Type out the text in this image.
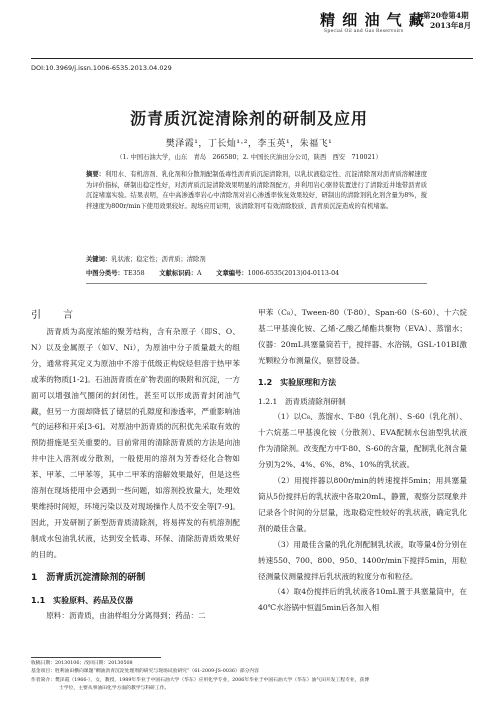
精 细 油 气 藏
Special Oil and Gas Reservoirs
第20卷第4期
2013年8月
DOI:10.3969/j.issn.1006-6535.2013.04.029
沥青质沉淀清除剂的研制及应用
樊泽霞¹，丁长灿¹·²，李玉英¹，朱福飞¹
（1. 中国石油大学，山东　青岛　266580；2. 中国长庆油田分公司，陕西　西安　710021）
摘要：利用水、有机溶剂、乳化剂和分散剂配制低毒性沥青质沉淀清除剂，以乳状液稳定性、沉淀清除剂对沥青质溶解速度为评价指标，研制出稳定性好，对沥青质沉淀清除效果明显的清除剂配方，并利用岩心驱替装置进行了清除近井地带沥青质沉淀堵塞实验。结果表明，在中高渗透率岩心中清除剂对岩心渗透率恢复效果较好，研制出的清除剂乳化剂含量为8%，搅拌速度为800r/min下使用效果较好。现场应用证明，该清除剂可有效清除胶质、沥青质沉淀造成的有机堵塞。
关键词：乳状液；稳定性；沥青质；清除剂
中图分类号：TE358    文献标识码：A    文章编号：1006-6535(2013)04-0113-04
引　言

沥青质为高度浓缩的聚芳结构，含有杂原子（即S、O、N）以及金属原子（如V、Ni），为原油中分子质量最大的组分，通常将其定义为原油中不溶于低级正构烷烃但溶于热甲苯或苯的物质[1-2]。石油沥青质在矿物表面的吸附和沉淀，一方面可以增强油气圈闭的封闭性，甚至可以形成沥青封闭油气藏，但另一方面却降低了储层的孔隙度和渗透率，严重影响油气的运移和开采[3-6]。对原油中沥青质的沉积优先采取有效的预防措施是至关重要的。目前常用的清除沥青质的方法是向油井中注入溶剂或分散剂，一般使用的溶剂为芳香烃化合物如苯、甲苯、二甲苯等，其中二甲苯的溶解效果最好，但是这些溶剂在现场使用中会遇到一些问题，如溶剂投放量大，处理效果维持时间短，环境污染以及对现场操作人员不安全等[7-9]。因此，开发研制了新型沥青质清除剂，将易挥发的有机溶剂配制成水包油乳状液，达到安全低毒、环保、清除沥青质效果好的目的。

1　沥青质沉淀清除剂的研制

1.1　实验原料、药品及仪器

原料：沥青质，由油样组分分离得到；药品：二

甲苯（C₈）、Tween-80（T-80）、Span-60（S-60）、十六烷基二甲基溴化铵、乙烯-乙酸乙烯酯共聚物（EVA）、蒸馏水；仪器：20mL具塞量筒若干，搅拌器、水浴锅，GSL-101BI激光颗粒分布测量仪，驱替设备。

1.2　实验原理和方法

1.2.1　沥青质清除剂研制

（1）以C₈、蒸馏水、T-80（乳化剂）、S-60（乳化剂）、十六烷基二甲基溴化铵（分散剂）、EVA配制水包油型乳状液作为清除剂。改变配方中T-80、S-60的含量，配制乳化剂含量分别为2%、4%、6%、8%、10%的乳状液。

（2）用搅拌器以800r/min的转速搅拌5min；用具塞量筒从5份搅拌后的乳状液中各取20mL，静置，观察分层现象并记录各个时间的分层量，选取稳定性较好的乳状液，确定乳化剂的最佳含量。

（3）用最佳含量的乳化剂配制乳状液，取等量4份分别在转速550、700、800、950、1400r/min下搅拌5min，用粒径测量仪测量搅拌后乳状液的粒度分布和粒径。

（4）取4份搅拌后的乳状液各10mL置于具塞量筒中，在40℃水浴锅中恒温5min后各加入相

收稿日期：20130106；改回日期：20130508
基金项目：胜利油田横向课题“稠油沥青沉淀处理剂的研究与现场试验研究”（61-2009-JS-0036）部分内容
作者简介：樊泽霞（1966-），女，教授，1989年毕业于中国石油大学（华东）应用化学专业，2006年毕业于中国石油大学（华东）油气田开发工程专业，获博
士学位，主要从事油田化学方面的教学与科研工作。
